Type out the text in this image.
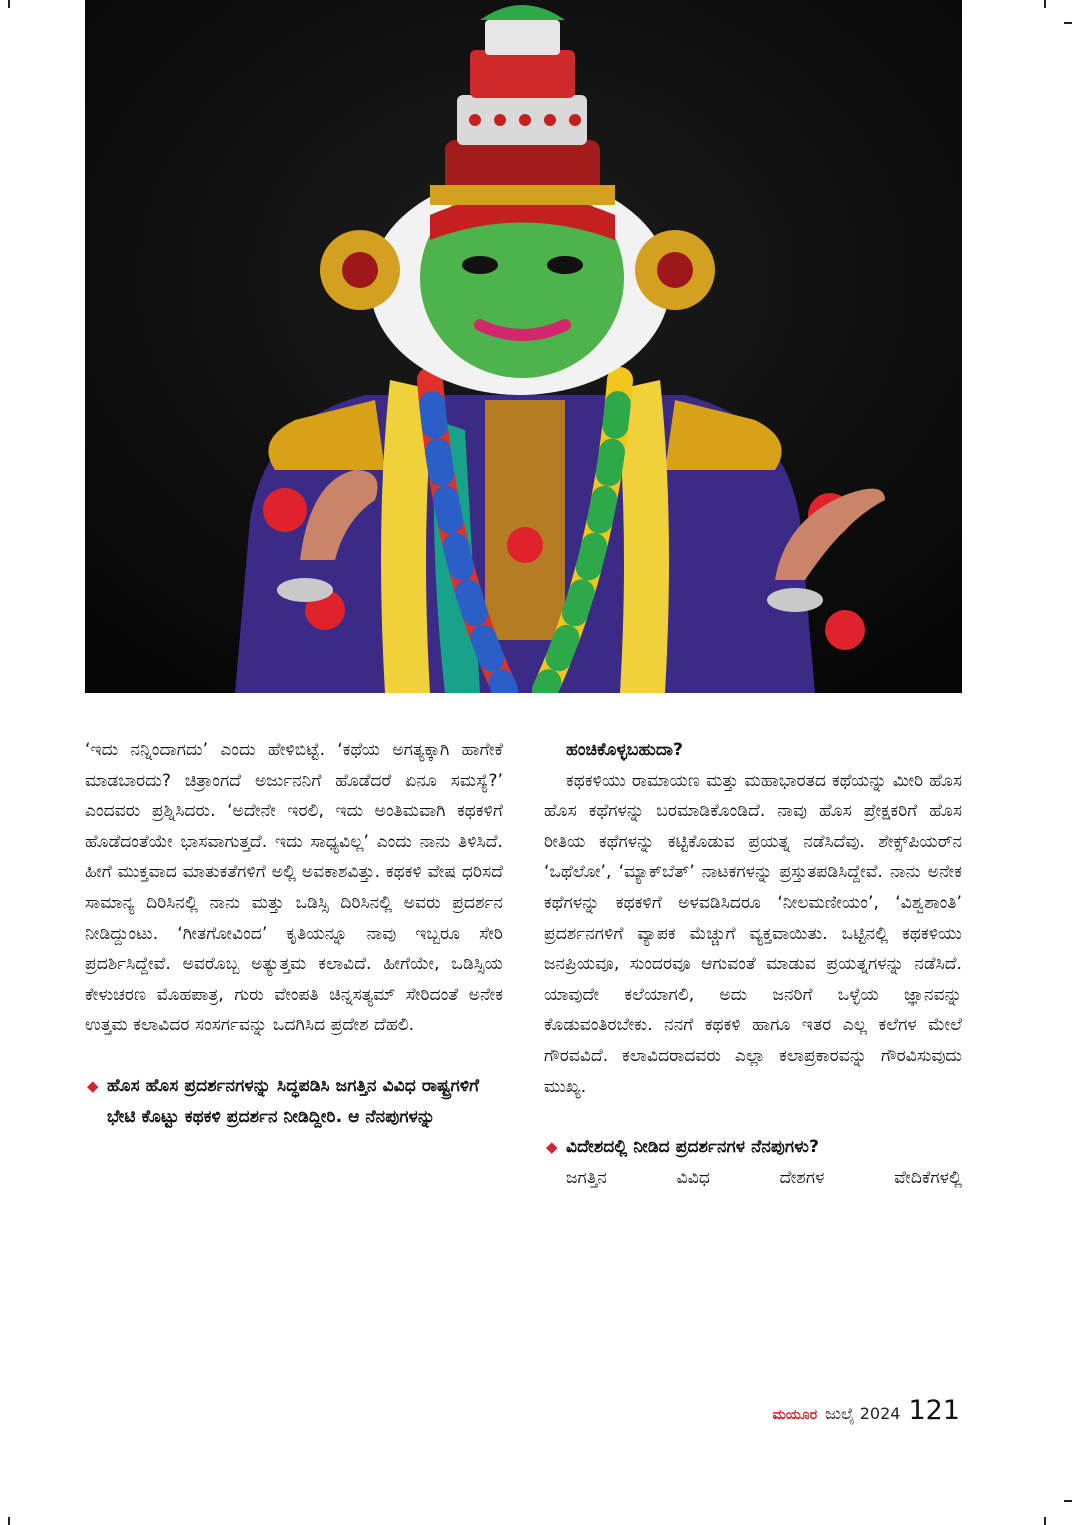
‘ಇದು ನನ್ನಿಂದಾಗದು’ ಎಂದು ಹೇಳಿಬಿಟ್ಟೆ. ‘ಕಥೆಯ ಅಗತ್ಯಕ್ಕಾಗಿ ಹಾಗೇಕೆ ಮಾಡಬಾರದು? ಚಿತ್ರಾಂಗದೆ ಅರ್ಜುನನಿಗೆ ಹೊಡೆದರೆ ಏನೂ ಸಮಸ್ಯೆ?’ ಎಂದವರು ಪ್ರಶ್ನಿಸಿದರು. ‘ಅದೇನೇ ಇರಲಿ, ಇದು ಅಂತಿಮವಾಗಿ ಕಥಕಳಿಗೆ ಹೊಡೆದಂತೆಯೇ ಭಾಸವಾಗುತ್ತದೆ. ಇದು ಸಾಧ್ಯವಿಲ್ಲ’ ಎಂದು ನಾನು ತಿಳಿಸಿದೆ. ಹೀಗೆ ಮುಕ್ತವಾದ ಮಾತುಕತೆಗಳಿಗೆ ಅಲ್ಲಿ ಅವಕಾಶವಿತ್ತು. ಕಥಕಳಿ ವೇಷ ಧರಿಸದೆ ಸಾಮಾನ್ಯ ದಿರಿಸಿನಲ್ಲಿ ನಾನು ಮತ್ತು ಒಡಿಸ್ಸಿ ದಿರಿಸಿನಲ್ಲಿ ಅವರು ಪ್ರದರ್ಶನ ನೀಡಿದ್ದುಂಟು. ‘ಗೀತಗೋವಿಂದ’ ಕೃತಿಯನ್ನೂ ನಾವು ಇಬ್ಬರೂ ಸೇರಿ ಪ್ರದರ್ಶಿಸಿದ್ದೇವೆ. ಅವರೊಬ್ಬ ಅತ್ಯುತ್ತಮ ಕಲಾವಿದೆ. ಹೀಗೆಯೇ, ಒಡಿಸ್ಸಿಯ ಕೇಳುಚರಣ ಮೊಹಪಾತ್ರ, ಗುರು ವೇಂಪತಿ ಚಿನ್ನಸತ್ಯಮ್ ಸೇರಿದಂತೆ ಅನೇಕ ಉತ್ತಮ ಕಲಾವಿದರ ಸಂಸರ್ಗವನ್ನು ಒದಗಿಸಿದ ಪ್ರದೇಶ ದೆಹಲಿ.

◆ ಹೊಸ ಹೊಸ ಪ್ರದರ್ಶನಗಳನ್ನು ಸಿದ್ಧಪಡಿಸಿ ಜಗತ್ತಿನ ವಿವಿಧ ರಾಷ್ಟ್ರಗಳಿಗೆ ಭೇಟಿ ಕೊಟ್ಟು ಕಥಕಳಿ ಪ್ರದರ್ಶನ ನೀಡಿದ್ದೀರಿ. ಆ ನೆನಪುಗಳನ್ನು

ಹಂಚಿಕೊಳ್ಳಬಹುದಾ?

ಕಥಕಳಿಯು ರಾಮಾಯಣ ಮತ್ತು ಮಹಾಭಾರತದ ಕಥೆಯನ್ನು ಮೀರಿ ಹೊಸ ಹೊಸ ಕಥೆಗಳನ್ನು ಬರಮಾಡಿಕೊಂಡಿದೆ. ನಾವು ಹೊಸ ಪ್ರೇಕ್ಷಕರಿಗೆ ಹೊಸ ರೀತಿಯ ಕಥೆಗಳನ್ನು ಕಟ್ಟಿಕೊಡುವ ಪ್ರಯತ್ನ ನಡೆಸಿದೆವು. ಶೇಕ್ಸ್‌ಪಿಯರ್‌ನ ‘ಒಥೆಲೋ’, ‘ಮ್ಯಾಕ್‌ಬೆತ್’ ನಾಟಕಗಳನ್ನು ಪ್ರಸ್ತುತಪಡಿಸಿದ್ದೇವೆ. ನಾನು ಅನೇಕ ಕಥೆಗಳನ್ನು ಕಥಕಳಿಗೆ ಅಳವಡಿಸಿದರೂ ‘ನೀಲಮಣೀಯಂ’, ‘ವಿಶ್ವಶಾಂತಿ’ ಪ್ರದರ್ಶನಗಳಿಗೆ ವ್ಯಾಪಕ ಮೆಚ್ಚುಗೆ ವ್ಯಕ್ತವಾಯಿತು. ಒಟ್ಟಿನಲ್ಲಿ ಕಥಕಳಿಯು ಜನಪ್ರಿಯವೂ, ಸುಂದರವೂ ಆಗುವಂತೆ ಮಾಡುವ ಪ್ರಯತ್ನಗಳನ್ನು ನಡೆಸಿದೆ. ಯಾವುದೇ ಕಲೆಯಾಗಲಿ, ಅದು ಜನರಿಗೆ ಒಳ್ಳೆಯ ಜ್ಞಾನವನ್ನು ಕೊಡುವಂತಿರಬೇಕು. ನನಗೆ ಕಥಕಳಿ ಹಾಗೂ ಇತರ ಎಲ್ಲ ಕಲೆಗಳ ಮೇಲೆ ಗೌರವವಿದೆ. ಕಲಾವಿದರಾದವರು ಎಲ್ಲಾ ಕಲಾಪ್ರಕಾರವನ್ನು ಗೌರವಿಸುವುದು ಮುಖ್ಯ.

◆ ವಿದೇಶದಲ್ಲಿ ನೀಡಿದ ಪ್ರದರ್ಶನಗಳ ನೆನಪುಗಳು?

ಜಗತ್ತಿನ ವಿವಿಧ ದೇಶಗಳ ವೇದಿಕೆಗಳಲ್ಲಿ

ಮಯೂರ ಜುಲೈ 2024 121
